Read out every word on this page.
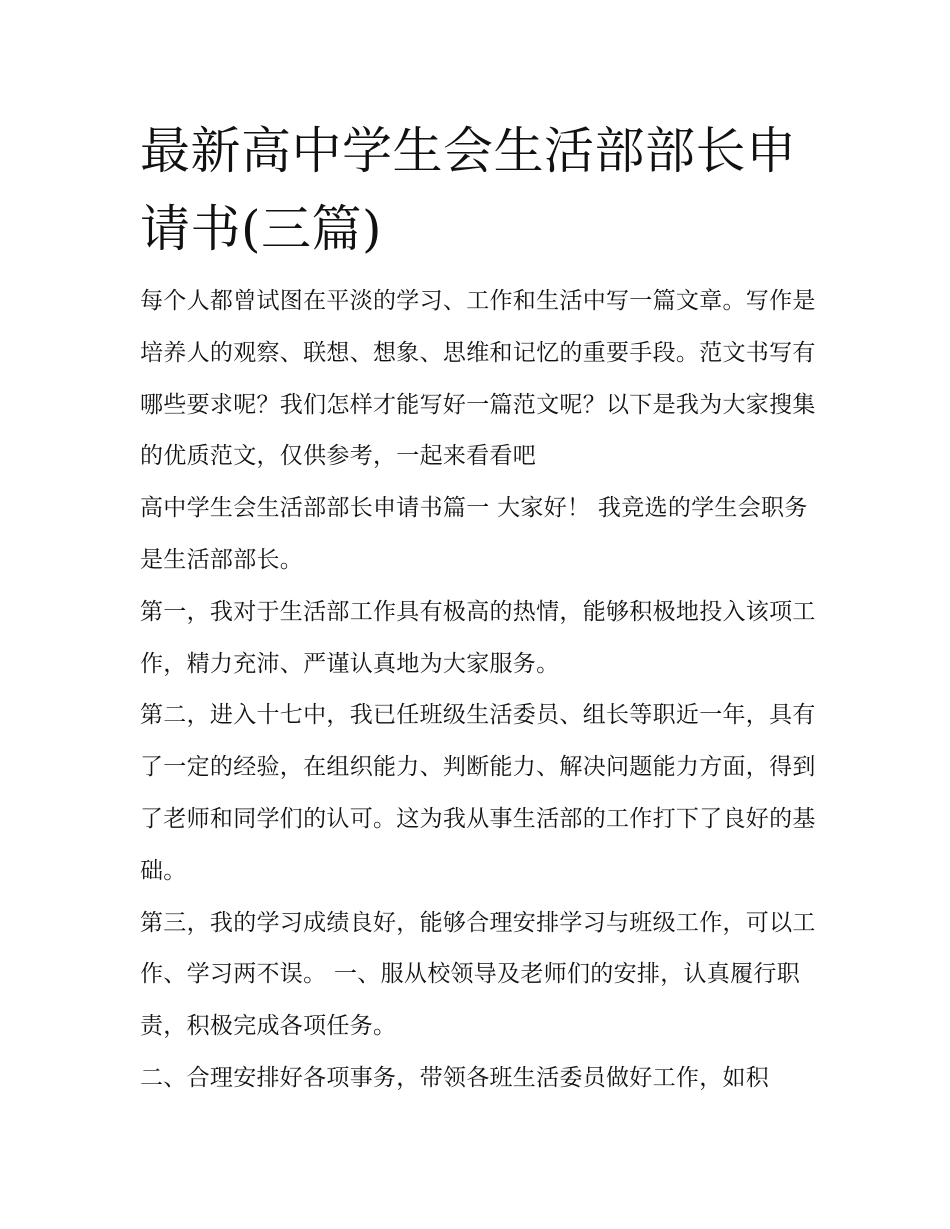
最新高中学生会生活部部长申请书(三篇)

每个人都曾试图在平淡的学习、工作和生活中写一篇文章。写作是培养人的观察、联想、想象、思维和记忆的重要手段。范文书写有哪些要求呢？我们怎样才能写好一篇范文呢？以下是我为大家搜集的优质范文，仅供参考，一起来看看吧

高中学生会生活部部长申请书篇一 大家好！ 我竞选的学生会职务是生活部部长。

第一，我对于生活部工作具有极高的热情，能够积极地投入该项工作，精力充沛、严谨认真地为大家服务。

第二，进入十七中，我已任班级生活委员、组长等职近一年，具有了一定的经验，在组织能力、判断能力、解决问题能力方面，得到了老师和同学们的认可。这为我从事生活部的工作打下了良好的基础。

第三，我的学习成绩良好，能够合理安排学习与班级工作，可以工作、学习两不误。 一、服从校领导及老师们的安排，认真履行职责，积极完成各项任务。

二、合理安排好各项事务，带领各班生活委员做好工作，如积
